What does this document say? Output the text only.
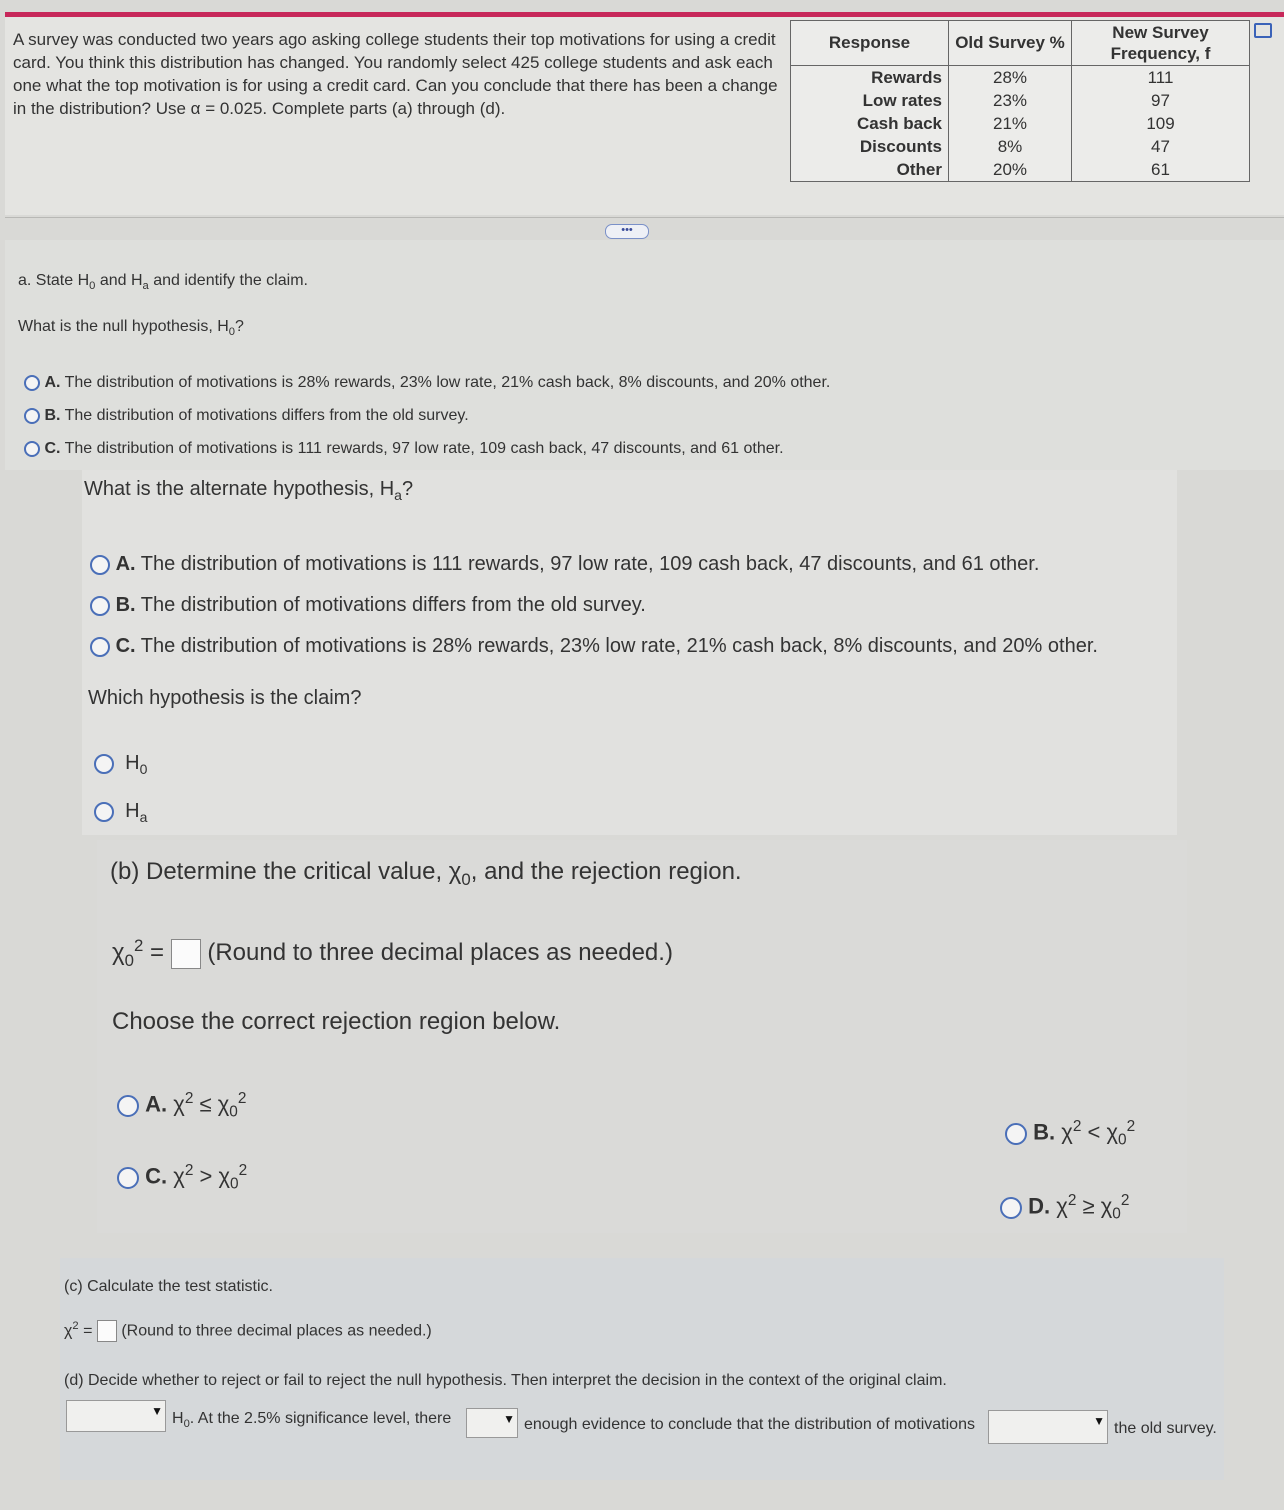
A survey was conducted two years ago asking college students their top motivations for using a credit
card. You think this distribution has changed. You randomly select 425 college students and ask each
one what the top motivation is for using a credit card. Can you conclude that there has been a change
in the distribution? Use α = 0.025. Complete parts (a) through (d).
Response	Old Survey %	New Survey
Frequency, f

Rewards	28%	111
Low rates	23%	97
Cash back	21%	109
Discounts	8%	47
Other	20%	61
•••
a. State $H_0$ and $H_a$ and identify the claim.
What is the null hypothesis, $H_0$?
A. The distribution of motivations is 28% rewards, 23% low rate, 21% cash back, 8% discounts, and 20% other.
B. The distribution of motivations differs from the old survey.
C. The distribution of motivations is 111 rewards, 97 low rate, 109 cash back, 47 discounts, and 61 other.
What is the alternate hypothesis, $H_a$?
A. The distribution of motivations is 111 rewards, 97 low rate, 109 cash back, 47 discounts, and 61 other.
B. The distribution of motivations differs from the old survey.
C. The distribution of motivations is 28% rewards, 23% low rate, 21% cash back, 8% discounts, and 20% other.
Which hypothesis is the claim?
$H_0$
$H_a$
(b) Determine the critical value, $\chi_0$, and the rejection region.
$\chi_0^2$ = (Round to three decimal places as needed.)
Choose the correct rejection region below.
A. $\chi^2 \le \chi_0^2$
B. $\chi^2 < \chi_0^2$
C. $\chi^2 > \chi_0^2$
D. $\chi^2 \ge \chi_0^2$
(c) Calculate the test statistic.
$\chi^2$ = (Round to three decimal places as needed.)
(d) Decide whether to reject or fail to reject the null hypothesis. Then interpret the decision in the context of the original claim.
▼ $H_0$. At the 2.5% significance level, there	▼ enough evidence to conclude that the distribution of motivations	▼ the old survey.
